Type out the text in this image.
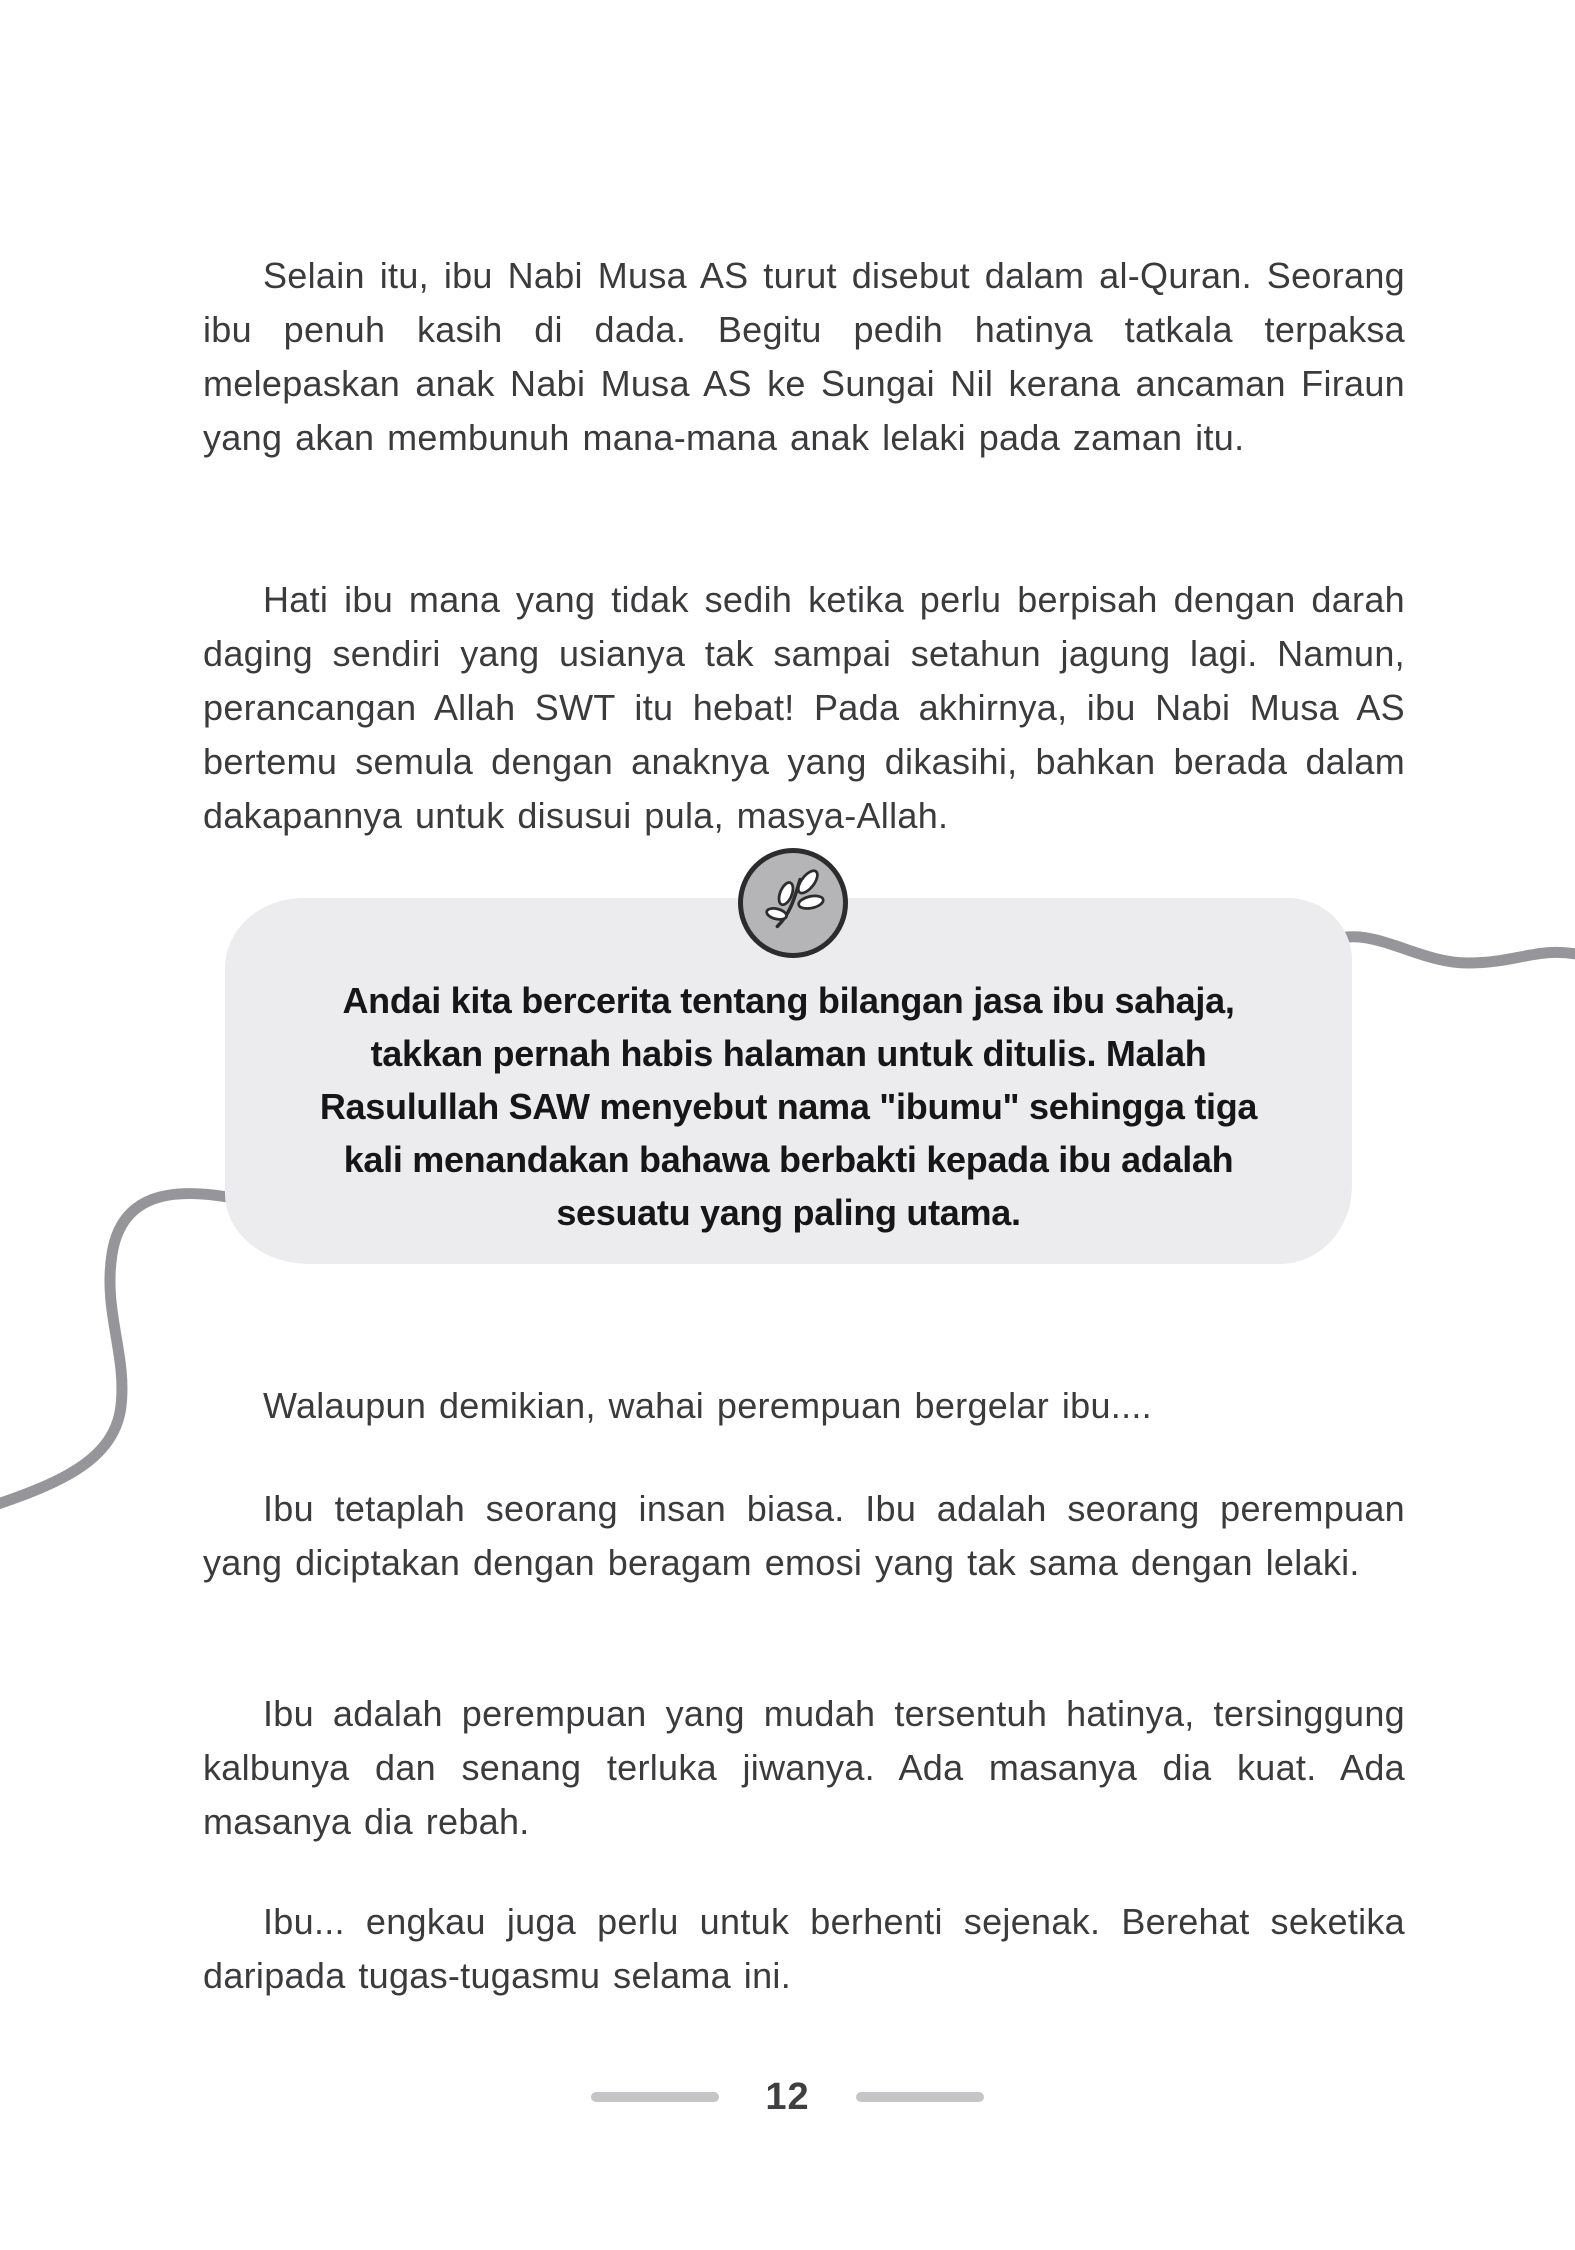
Selain itu, ibu Nabi Musa AS turut disebut dalam al-Quran. Seorang ibu penuh kasih di dada. Begitu pedih hatinya tatkala terpaksa melepaskan anak Nabi Musa AS ke Sungai Nil kerana ancaman Firaun yang akan membunuh mana-mana anak lelaki pada zaman itu.

Hati ibu mana yang tidak sedih ketika perlu berpisah dengan darah daging sendiri yang usianya tak sampai setahun jagung lagi. Namun, perancangan Allah SWT itu hebat! Pada akhirnya, ibu Nabi Musa AS bertemu semula dengan anaknya yang dikasihi, bahkan berada dalam dakapannya untuk disusui pula, masya-Allah.

Andai kita bercerita tentang bilangan jasa ibu sahaja,
takkan pernah habis halaman untuk ditulis. Malah
Rasulullah SAW menyebut nama "ibumu" sehingga tiga
kali menandakan bahawa berbakti kepada ibu adalah
sesuatu yang paling utama.

Walaupun demikian, wahai perempuan bergelar ibu....

Ibu tetaplah seorang insan biasa. Ibu adalah seorang perempuan yang diciptakan dengan beragam emosi yang tak sama dengan lelaki.

Ibu adalah perempuan yang mudah tersentuh hatinya, tersinggung kalbunya dan senang terluka jiwanya. Ada masanya dia kuat. Ada masanya dia rebah.

Ibu... engkau juga perlu untuk berhenti sejenak. Berehat seketika daripada tugas-tugasmu selama ini.

12
